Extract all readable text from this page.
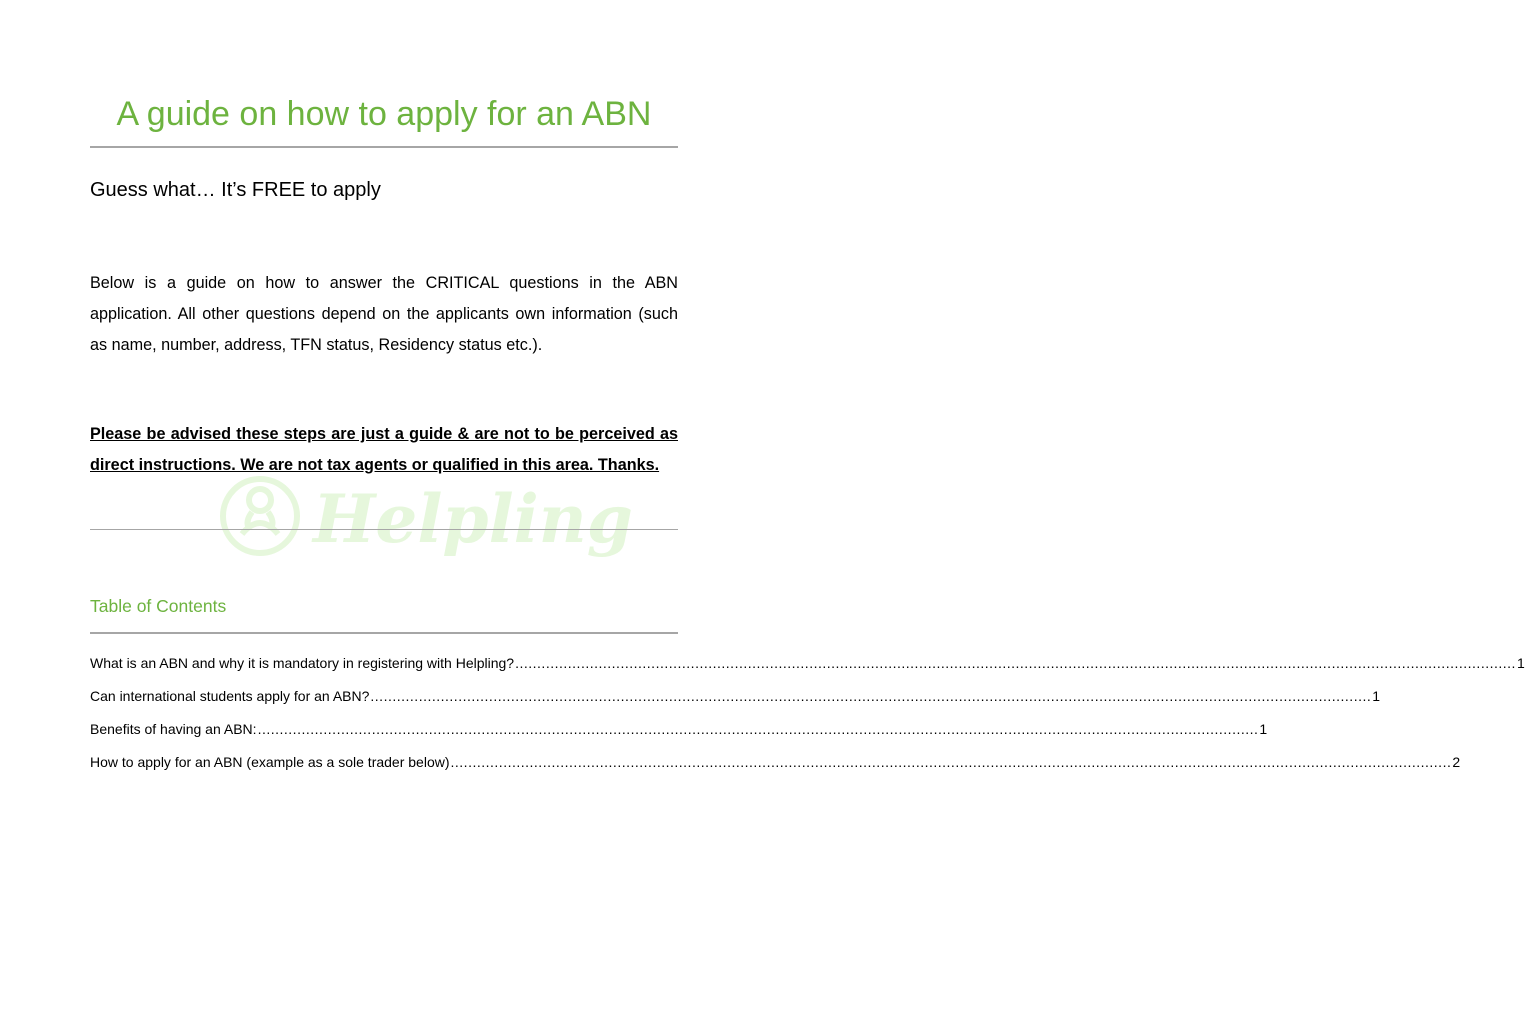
Helpling
A guide on how to apply for an ABN
Guess what… It’s FREE to apply

Below is a guide on how to answer the CRITICAL questions in the ABN application. All other questions depend on the applicants own information (such as name, number, address, TFN status, Residency status etc.).

Please be advised these steps are just a guide & are not to be perceived as direct instructions. We are not tax agents or qualified in this area. Thanks.

Table of Contents
What is an ABN and why it is mandatory in registering with Helpling? .....	1
Can international students apply for an ABN? .....	1
Benefits of having an ABN: .....	1
How to apply for an ABN (example as a sole trader below) .....	2
